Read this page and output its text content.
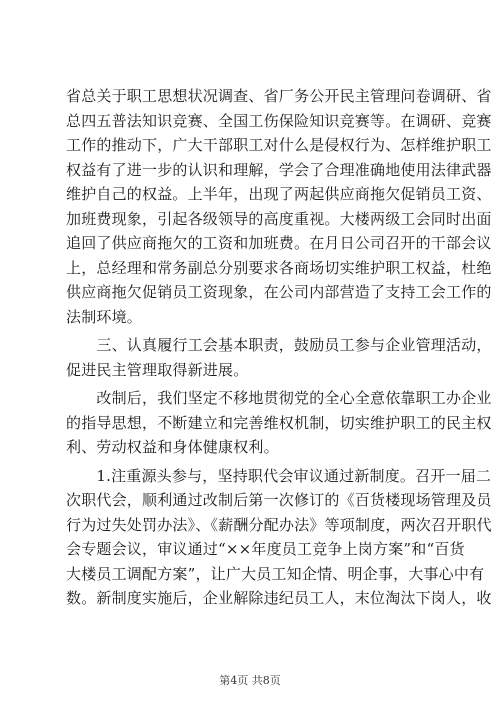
省总关于职工思想状况调查、省厂务公开民主管理问卷调研、省
总四五普法知识竞赛、全国工伤保险知识竞赛等。在调研、竞赛
工作的推动下，广大干部职工对什么是侵权行为、怎样维护职工
权益有了进一步的认识和理解，学会了合理准确地使用法律武器
维护自己的权益。上半年，出现了两起供应商拖欠促销员工资、
加班费现象，引起各级领导的高度重视。大楼两级工会同时出面
追回了供应商拖欠的工资和加班费。在月日公司召开的干部会议
上，总经理和常务副总分别要求各商场切实维护职工权益，杜绝
供应商拖欠促销员工资现象，在公司内部营造了支持工会工作的
法制环境。
　　三、认真履行工会基本职责，鼓励员工参与企业管理活动，
促进民主管理取得新进展。
　　改制后，我们坚定不移地贯彻党的全心全意依靠职工办企业
的指导思想，不断建立和完善维权机制，切实维护职工的民主权
利、劳动权益和身体健康权利。
　　1.注重源头参与，坚持职代会审议通过新制度。召开一届二
次职代会，顺利通过改制后第一次修订的《百货楼现场管理及员
行为过失处罚办法》、《薪酬分配办法》等项制度，两次召开职代
会专题会议，审议通过“××年度员工竞争上岗方案”和“百货
大楼员工调配方案”，让广大员工知企情、明企事，大事心中有
数。新制度实施后，企业解除违纪员工人，末位淘汰下岗人，收
第4页 共8页
